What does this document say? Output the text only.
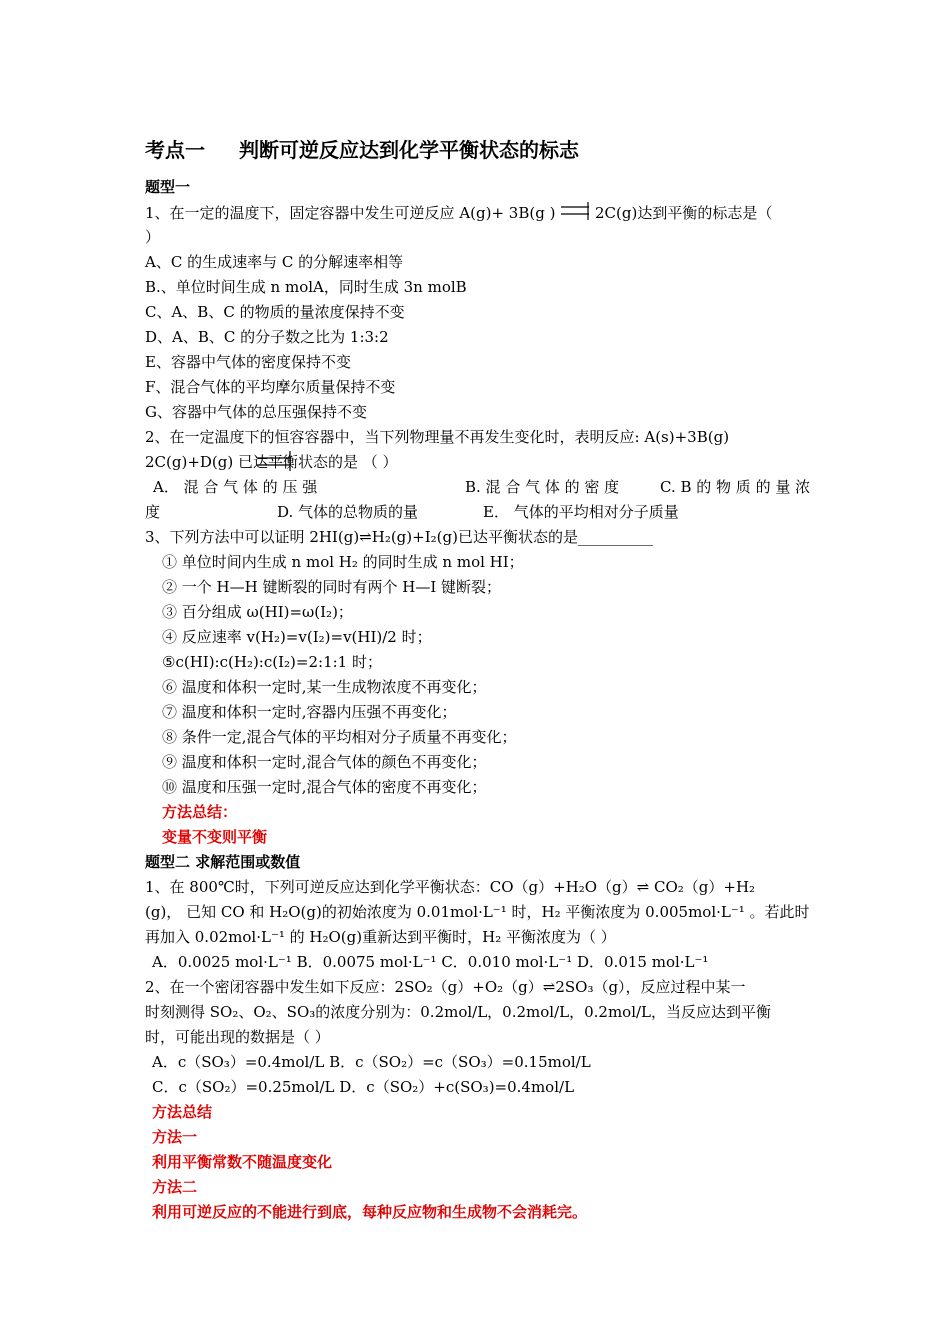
考点一 判断可逆反应达到化学平衡状态的标志
题型一
1、在一定的温度下，固定容器中发生可逆反应 A(g)+ 3B(g )	2C(g)达到平衡的标志是（
）
A、C 的生成速率与 C 的分解速率相等
B.、单位时间生成 n molA，同时生成 3n molB
C、A、B、C 的物质的量浓度保持不变
D、A、B、C 的分子数之比为 1:3:2
E、容器中气体的密度保持不变
F、混合气体的平均摩尔质量保持不变
G、容器中气体的总压强保持不变
2、在一定温度下的恒容容器中，当下列物理量不再发生变化时，表明反应: A(s)+3B(g)
2C(g)+D(g) 已达平衡状态的是 （ ）
A． 混 合 气 体 的 压 强	B. 混 合 气 体 的 密 度	C. B 的 物 质 的 量 浓
度	D. 气体的总物质的量	E． 气体的平均相对分子质量
3、下列方法中可以证明 2HI(g)⇌H₂(g)+I₂(g)已达平衡状态的是__________
① 单位时间内生成 n mol H₂ 的同时生成 n mol HI；
② 一个 H—H 键断裂的同时有两个 H—I 键断裂；
③ 百分组成 ω(HI)=ω(I₂)；
④ 反应速率 v(H₂)=v(I₂)=v(HI)/2 时；
⑤c(HI):c(H₂):c(I₂)=2:1:1 时；
⑥ 温度和体积一定时,某一生成物浓度不再变化；
⑦ 温度和体积一定时,容器内压强不再变化；
⑧ 条件一定,混合气体的平均相对分子质量不再变化；
⑨ 温度和体积一定时,混合气体的颜色不再变化；
⑩ 温度和压强一定时,混合气体的密度不再变化；
方法总结：
变量不变则平衡
题型二 求解范围或数值
1、在 800℃时，下列可逆反应达到化学平衡状态：CO（g）+H₂O（g）⇌ CO₂（g）+H₂
(g)， 已知 CO 和 H₂O(g)的初始浓度为 0.01mol·L⁻¹ 时，H₂ 平衡浓度为 0.005mol·L⁻¹ 。若此时
再加入 0.02mol·L⁻¹ 的 H₂O(g)重新达到平衡时，H₂ 平衡浓度为（ ）
A．0.0025 mol·L⁻¹ B．0.0075 mol·L⁻¹ C．0.010 mol·L⁻¹ D．0.015 mol·L⁻¹
2、在一个密闭容器中发生如下反应：2SO₂（g）+O₂（g）⇌2SO₃（g），反应过程中某一
时刻测得 SO₂、O₂、SO₃的浓度分别为：0.2mol/L，0.2mol/L，0.2mol/L，当反应达到平衡
时，可能出现的数据是（ ）
A．c（SO₃）=0.4mol/L B．c（SO₂）=c（SO₃）=0.15mol/L
C．c（SO₂）=0.25mol/L D．c（SO₂）+c(SO₃)=0.4mol/L
方法总结
方法一
利用平衡常数不随温度变化
方法二
利用可逆反应的不能进行到底，每种反应物和生成物不会消耗完。
